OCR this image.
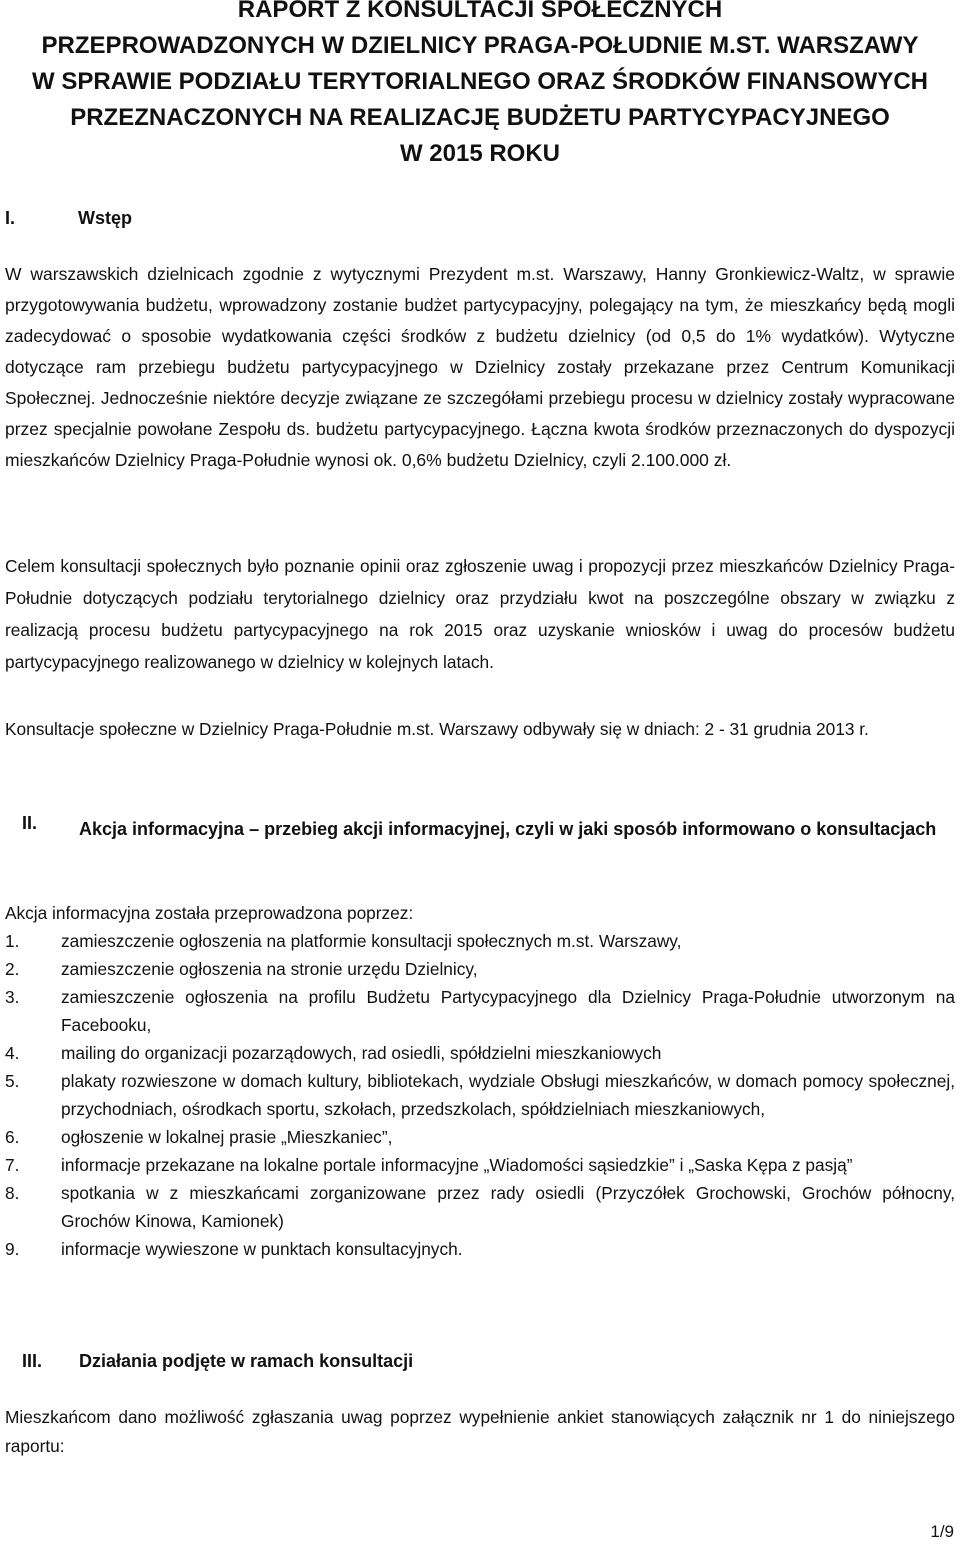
RAPORT Z KONSULTACJI SPOŁECZNYCH
PRZEPROWADZONYCH W DZIELNICY PRAGA-POŁUDNIE M.ST. WARSZAWY
W SPRAWIE PODZIAŁU TERYTORIALNEGO ORAZ ŚRODKÓW FINANSOWYCH
PRZEZNACZONYCH NA REALIZACJĘ BUDŻETU PARTYCYPACYJNEGO
W 2015 ROKU
I.	Wstęp
W warszawskich dzielnicach zgodnie z wytycznymi Prezydent m.st. Warszawy, Hanny Gronkiewicz-Waltz, w sprawie przygotowywania budżetu, wprowadzony zostanie budżet partycypacyjny, polegający na tym, że mieszkańcy będą mogli zadecydować o sposobie wydatkowania części środków z budżetu dzielnicy (od 0,5 do 1% wydatków). Wytyczne dotyczące ram przebiegu budżetu partycypacyjnego w Dzielnicy zostały przekazane przez Centrum Komunikacji Społecznej. Jednocześnie niektóre decyzje związane ze szczegółami przebiegu procesu w dzielnicy zostały wypracowane przez specjalnie powołane Zespołu ds. budżetu partycypacyjnego. Łączna kwota środków przeznaczonych do dyspozycji mieszkańców Dzielnicy Praga-Południe wynosi ok. 0,6% budżetu Dzielnicy, czyli 2.100.000 zł.
Celem konsultacji społecznych było poznanie opinii oraz zgłoszenie uwag i propozycji przez mieszkańców Dzielnicy Praga-Południe dotyczących podziału terytorialnego dzielnicy oraz przydziału kwot na poszczególne obszary w związku z realizacją procesu budżetu partycypacyjnego na rok 2015 oraz uzyskanie wniosków i uwag do procesów budżetu partycypacyjnego realizowanego w dzielnicy w kolejnych latach.
Konsultacje społeczne w Dzielnicy Praga-Południe m.st. Warszawy odbywały się w dniach: 2 - 31 grudnia 2013 r.
II. Akcja informacyjna – przebieg akcji informacyjnej, czyli w jaki sposób informowano o konsultacjach
Akcja informacyjna została przeprowadzona poprzez:
1. zamieszczenie ogłoszenia na platformie konsultacji społecznych m.st. Warszawy,
2. zamieszczenie ogłoszenia na stronie urzędu Dzielnicy,
3. zamieszczenie ogłoszenia na profilu Budżetu Partycypacyjnego dla Dzielnicy Praga-Południe utworzonym na Facebooku,
4. mailing do organizacji pozarządowych, rad osiedli, spółdzielni mieszkaniowych
5. plakaty rozwieszone w domach kultury, bibliotekach, wydziale Obsługi mieszkańców, w domach pomocy społecznej, przychodniach, ośrodkach sportu, szkołach, przedszkolach, spółdzielniach mieszkaniowych,
6. ogłoszenie w lokalnej prasie „Mieszkaniec”,
7. informacje przekazane na lokalne portale informacyjne „Wiadomości sąsiedzkie” i „Saska Kępa z pasją”
8. spotkania w z mieszkańcami zorganizowane przez rady osiedli (Przyczółek Grochowski, Grochów północny, Grochów Kinowa, Kamionek)
9. informacje wywieszone w punktach konsultacyjnych.
III. Działania podjęte w ramach konsultacji
Mieszkańcom dano możliwość zgłaszania uwag poprzez wypełnienie ankiet stanowiących załącznik nr 1 do niniejszego raportu:
1/9
